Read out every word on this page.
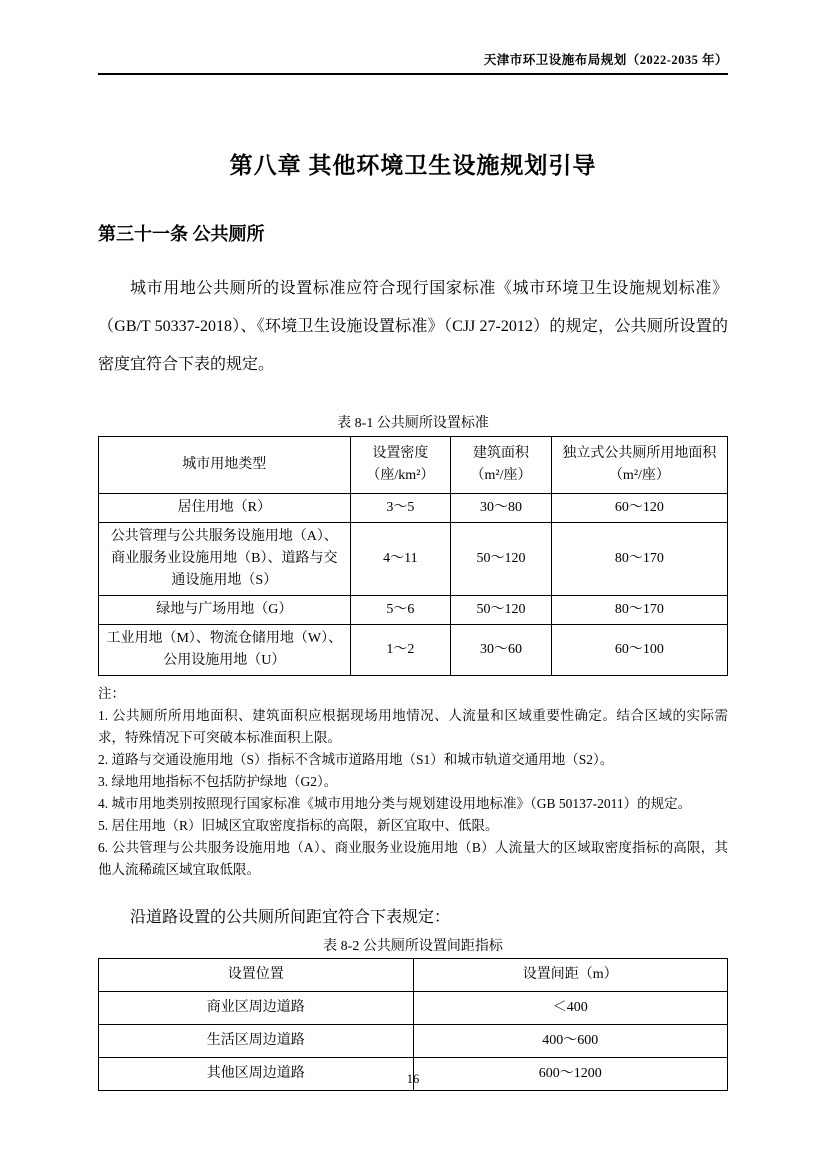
天津市环卫设施布局规划（2022-2035 年）
第八章 其他环境卫生设施规划引导
第三十一条 公共厕所

城市用地公共厕所的设置标准应符合现行国家标准《城市环境卫生设施规划标准》（GB/T 50337-2018）、《环境卫生设施设置标准》（CJJ 27-2012）的规定，公共厕所设置的密度宜符合下表的规定。

表 8-1 公共厕所设置标准
城市用地类型	设置密度（座/km²）	建筑面积（m²/座）	独立式公共厕所用地面积（m²/座）
居住用地（R）	3～5	30～80	60～120
公共管理与公共服务设施用地（A）、商业服务业设施用地（B）、道路与交通设施用地（S）	4～11	50～120	80～170
绿地与广场用地（G）	5～6	50～120	80～170
工业用地（M）、物流仓储用地（W）、公用设施用地（U）	1～2	30～60	60～100
注：
1. 公共厕所所用地面积、建筑面积应根据现场用地情况、人流量和区域重要性确定。结合区域的实际需求，特殊情况下可突破本标准面积上限。
2. 道路与交通设施用地（S）指标不含城市道路用地（S1）和城市轨道交通用地（S2）。
3. 绿地用地指标不包括防护绿地（G2）。
4. 城市用地类别按照现行国家标准《城市用地分类与规划建设用地标准》（GB 50137-2011）的规定。
5. 居住用地（R）旧城区宜取密度指标的高限，新区宜取中、低限。
6. 公共管理与公共服务设施用地（A）、商业服务业设施用地（B）人流量大的区域取密度指标的高限，其他人流稀疏区域宜取低限。

沿道路设置的公共厕所间距宜符合下表规定：

表 8-2 公共厕所设置间距指标
设置位置	设置间距（m）
商业区周边道路	＜400
生活区周边道路	400～600
其他区周边道路	600～1200
16
